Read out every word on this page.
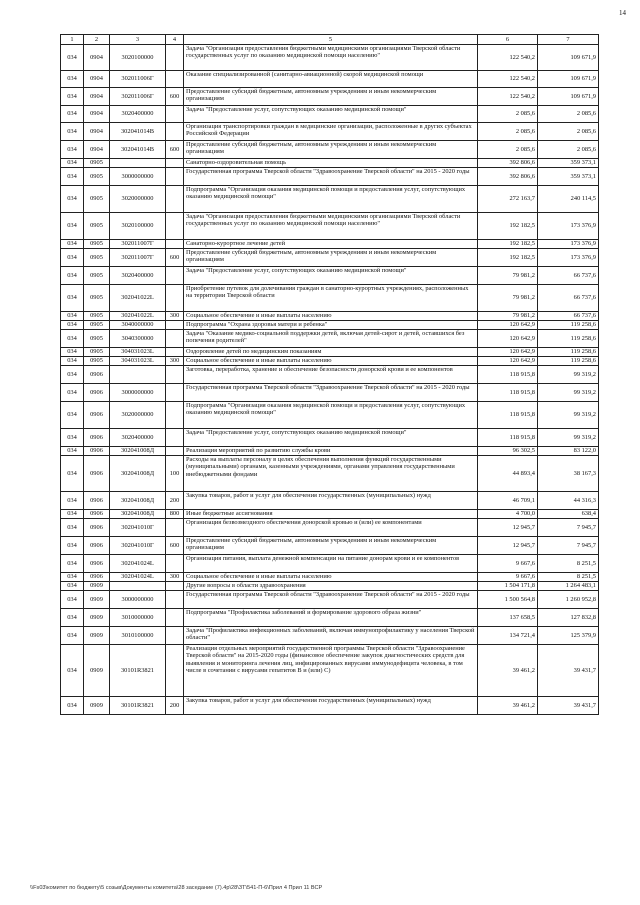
14
1	2	3	4	5	6	7
034	0904	3020100000		Задача "Организация предоставления бюджетными медицинскими организациями Тверской области государственных услуг по оказанию медицинской помощи населению"	122 540,2	109 671,9
034	0904	302011006Г		Оказание специализированной (санитарно-авиационной) скорой медицинской помощи	122 540,2	109 671,9
034	0904	302011006Г	600	Предоставление субсидий бюджетным, автономным учреждениям и иным некоммерческим организациям	122 540,2	109 671,9
034	0904	3020400000		Задача "Предоставление услуг, сопутствующих оказанию медицинской помощи"	2 085,6	2 085,6
034	0904	302041014В		Организация транспортировки граждан в медицинские организации, расположенные в других субъектах Российской Федерации	2 085,6	2 085,6
034	0904	302041014В	600	Предоставление субсидий бюджетным, автономным учреждениям и иным некоммерческим организациям	2 085,6	2 085,6
034	0905			Санаторно-оздоровительная помощь	392 806,6	359 373,1
034	0905	3000000000		Государственная программа Тверской области "Здравоохранение Тверской области" на 2015 - 2020 годы	392 806,6	359 373,1
034	0905	3020000000		Подпрограмма "Организация оказания медицинской помощи и предоставления услуг, сопутствующих оказанию медицинской помощи"	272 163,7	240 114,5
034	0905	3020100000		Задача "Организация предоставления бюджетными медицинскими организациями Тверской области государственных услуг по оказанию медицинской помощи населению"	192 182,5	173 376,9
034	0905	302011007Г		Санаторно-курортное лечение детей	192 182,5	173 376,9
034	0905	302011007Г	600	Предоставление субсидий бюджетным, автономным учреждениям и иным некоммерческим организациям	192 182,5	173 376,9
034	0905	3020400000		Задача "Предоставление услуг, сопутствующих оказанию медицинской помощи"	79 981,2	66 737,6
034	0905	302041022L		Приобретение путевок для долечивания граждан в санаторно-курортных учреждениях, расположенных на территории Тверской области	79 981,2	66 737,6
034	0905	302041022L	300	Социальное обеспечение и иные выплаты населению	79 981,2	66 737,6
034	0905	3040000000		Подпрограмма "Охрана здоровья матери и ребенка"	120 642,9	119 258,6
034	0905	3040300000		Задача "Оказание медико-социальной поддержки детей, включая детей-сирот и детей, оставшихся без попечения родителей"	120 642,9	119 258,6
034	0905	304031023L		Оздоровление детей по медицинским показаниям	120 642,9	119 258,6
034	0905	304031023L	300	Социальное обеспечение и иные выплаты населению	120 642,9	119 258,6
034	0906			Заготовка, переработка, хранение и обеспечение безопасности донорской крови и ее компонентов	118 915,8	99 319,2
034	0906	3000000000		Государственная программа Тверской области "Здравоохранение Тверской области" на 2015 - 2020 годы	118 915,8	99 319,2
034	0906	3020000000		Подпрограмма "Организация оказания медицинской помощи и предоставления услуг, сопутствующих оказанию медицинской помощи"	118 915,8	99 319,2
034	0906	3020400000		Задача "Предоставление услуг, сопутствующих оказанию медицинской помощи"	118 915,8	99 319,2
034	0906	302041008Д		Реализация мероприятий по развитию службы крови	96 302,5	83 122,0
034	0906	302041008Д	100	Расходы на выплаты персоналу в целях обеспечения выполнения функций государственными (муниципальными) органами, казенными учреждениями, органами управления государственными внебюджетными фондами	44 893,4	38 167,3
034	0906	302041008Д	200	Закупка товаров, работ и услуг для обеспечения государственных (муниципальных) нужд	46 709,1	44 316,3
034	0906	302041008Д	800	Иные бюджетные ассигнования	4 700,0	638,4
034	0906	302041010Г		Организация безвозмездного обеспечения донорской кровью и (или) ее компонентами	12 945,7	7 945,7
034	0906	302041010Г	600	Предоставление субсидий бюджетным, автономным учреждениям и иным некоммерческим организациям	12 945,7	7 945,7
034	0906	302041024L		Организация питания, выплата денежной компенсации на питание донорам крови и ее компонентов	9 667,6	8 251,5
034	0906	302041024L	300	Социальное обеспечение и иные выплаты населению	9 667,6	8 251,5
034	0909			Другие вопросы в области здравоохранения	1 504 171,8	1 264 483,1
034	0909	3000000000		Государственная программа Тверской области "Здравоохранение Тверской области" на 2015 - 2020 годы	1 500 564,8	1 260 952,8
034	0909	3010000000		Подпрограмма "Профилактика заболеваний и формирование здорового образа жизни"	137 658,5	127 832,8
034	0909	3010100000		Задача "Профилактика инфекционных заболеваний, включая иммунопрофилактику у населения Тверской области"	134 721,4	125 379,9
034	0909	30101R3821		Реализация отдельных мероприятий государственной программы Тверской области "Здравоохранение Тверской области" на 2015-2020 годы (финансовое обеспечение закупок диагностических средств для выявления и мониторинга лечения лиц, инфицированных вирусами иммунодефицита человека, в том числе в сочетании с вирусами гепатитов В и (или) С)	39 461,2	39 431,7
034	0909	30101R3821	200	Закупка товаров, работ и услуг для обеспечения государственных (муниципальных) нужд	39 461,2	39 431,7
\\Fs03\комитет по бюджету\5 созыв\Документы комитета\28 заседание (7).4р\28\ЗТ\541-П-6\Прил 4 Прил 11 ВСР
